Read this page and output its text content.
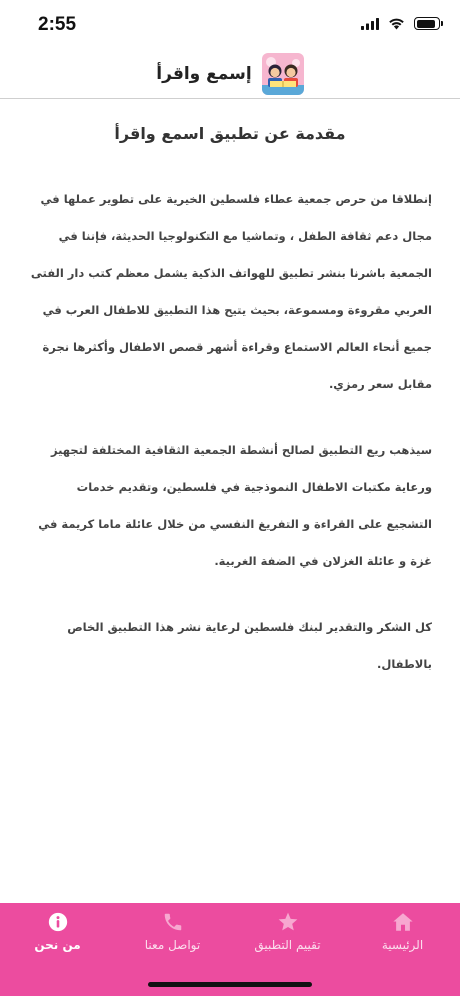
2:55
إسمع واقرأ
مقدمة عن تطبيق اسمع واقرأ

إنطلاقا من حرص جمعية عطاء فلسطين الخيرية على تطوير عملها في مجال دعم ثقافة الطفل ، وتماشيا مع التكنولوجيا الحديثة، فإننا في الجمعية باشرنا بنشر تطبيق للهواتف الذكية يشمل معظم كتب دار الفتى العربي مقروءة ومسموعة، بحيث يتيح هذا التطبيق للاطفال العرب في جميع أنحاء العالم الاستماع وقراءة أشهر قصص الاطفال وأكثرها نجرة مقابل سعر رمزي.

سيذهب ريع التطبيق لصالح أنشطة الجمعية الثقافية المختلفة لتجهيز ورعاية مكتبات الاطفال النموذجية في فلسطين، وتقديم خدمات التشجيع على القراءة و التفريغ النفسي من خلال عائلة ماما كريمة في غزة و عائلة الغزلان في الضفة الغربية.

كل الشكر والتقدير لبنك فلسطين لرعاية نشر هذا التطبيق الخاص بالاطفال.

الرئيسية
تقييم التطبيق
تواصل معنا
من نحن
